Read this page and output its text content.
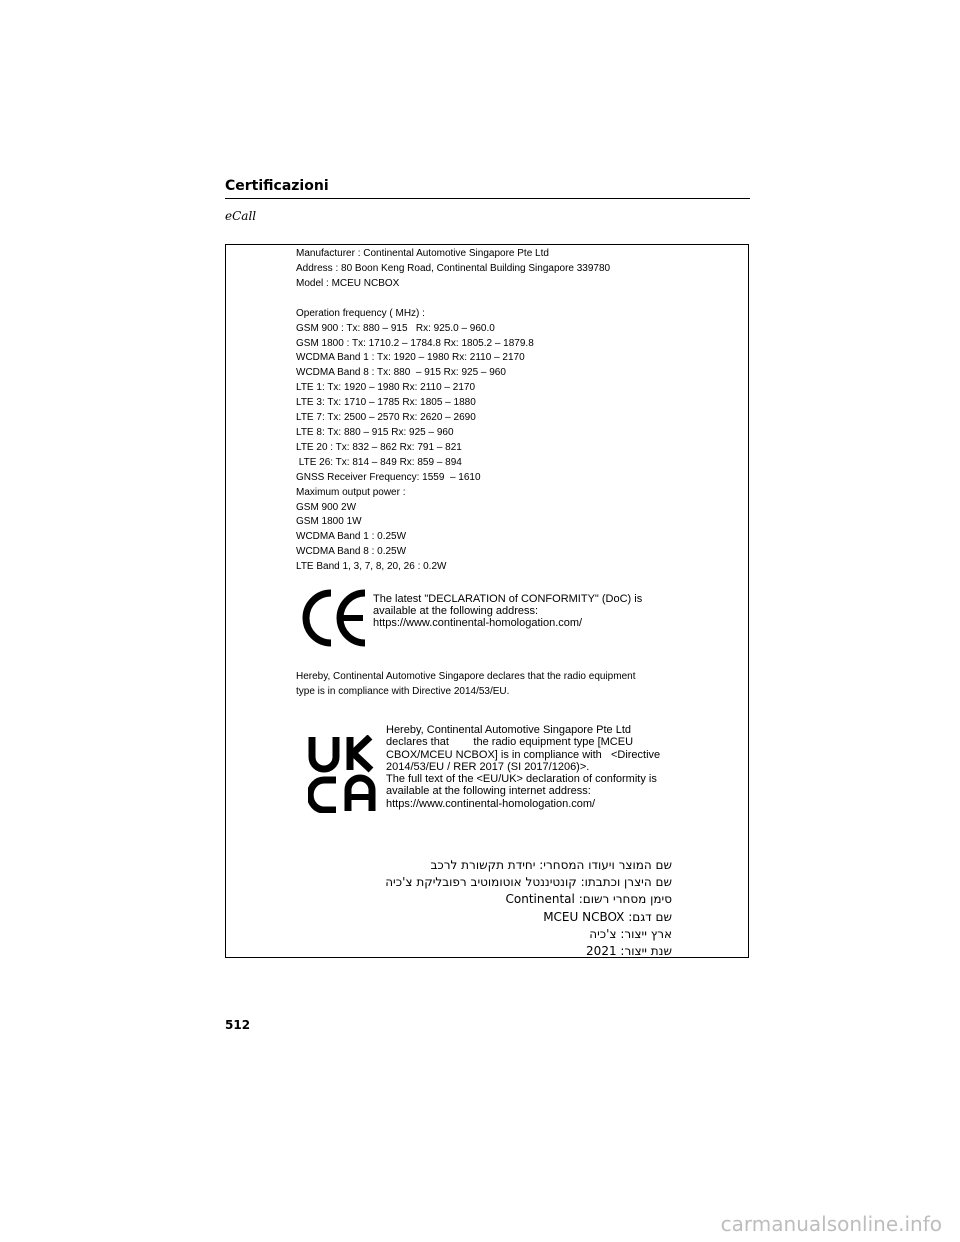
Certificazioni
eCall
Manufacturer : Continental Automotive Singapore Pte Ltd
Address : 80 Boon Keng Road, Continental Building Singapore 339780
Model : MCEU NCBOX
Operation frequency ( MHz) :
GSM 900 : Tx: 880 – 915   Rx: 925.0 – 960.0
GSM 1800 : Tx: 1710.2 – 1784.8 Rx: 1805.2 – 1879.8
WCDMA Band 1 : Tx: 1920 – 1980 Rx: 2110 – 2170
WCDMA Band 8 : Tx: 880  – 915 Rx: 925 – 960
LTE 1: Tx: 1920 – 1980 Rx: 2110 – 2170
LTE 3: Tx: 1710 – 1785 Rx: 1805 – 1880
LTE 7: Tx: 2500 – 2570 Rx: 2620 – 2690
LTE 8: Tx: 880 – 915 Rx: 925 – 960
LTE 20 : Tx: 832 – 862 Rx: 791 – 821
LTE 26: Tx: 814 – 849 Rx: 859 – 894
GNSS Receiver Frequency: 1559  – 1610
Maximum output power :
GSM 900 2W
GSM 1800 1W
WCDMA Band 1 : 0.25W
WCDMA Band 8 : 0.25W
LTE Band 1, 3, 7, 8, 20, 26 : 0.2W
The latest "DECLARATION of CONFORMITY" (DoC) is
available at the following address:
https://www.continental-homologation.com/
Hereby, Continental Automotive Singapore declares that the radio equipment
type is in compliance with Directive 2014/53/EU.
Hereby, Continental Automotive Singapore Pte Ltd
declares that        the radio equipment type [MCEU
CBOX/MCEU NCBOX] is in compliance with   <Directive
2014/53/EU / RER 2017 (SI 2017/1206)>.
The full text of the <EU/UK> declaration of conformity is
available at the following internet address:
https://www.continental-homologation.com/
שם המוצר ויעודו המסחרי: יחידת תקשורת לרכב
שם היצרן וכתבתו: קונטיננטל אוטומוטיב רפובליקת צ'כיה
סימן מסחרי רשום: Continental
שם דגם: MCEU NCBOX
ארץ ייצור: צ'כיה
שנת ייצור: 2021
512
carmanualsonline.info
